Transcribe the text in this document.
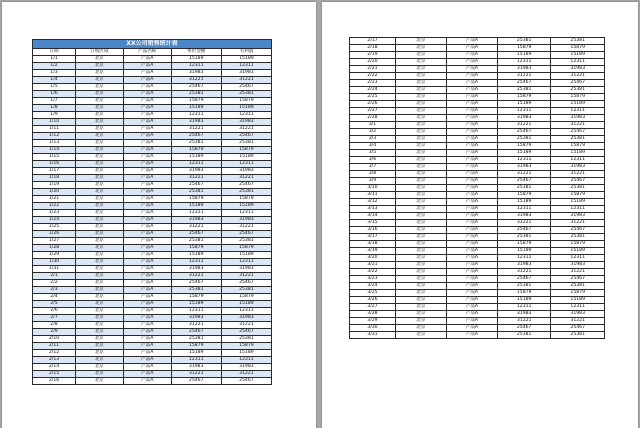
XX公司销售统计表				
日期	订购区域	产品名称	单价金额	毛利润
1/1	北京	产品A	15189	15189
1/2	北京	产品A	12311	12311
1/3	北京	产品A	31983	31983
1/4	北京	产品A	31221	31221
1/5	北京	产品A	25467	25467
1/6	北京	产品A	25381	25381
1/7	北京	产品A	15879	15879
1/8	北京	产品A	15189	15189
1/9	北京	产品A	12311	12311
1/10	北京	产品A	31983	31983
1/11	北京	产品A	31221	31221
1/12	北京	产品A	25467	25467
1/13	北京	产品A	25381	25381
1/14	北京	产品A	15879	15879
1/15	北京	产品A	15189	15189
1/16	北京	产品A	12311	12311
1/17	北京	产品A	31983	31983
1/18	北京	产品A	31221	31221
1/19	北京	产品A	25467	25467
1/20	北京	产品A	25381	25381
1/21	北京	产品A	15879	15879
1/22	北京	产品A	15189	15189
1/23	北京	产品A	12311	12311
1/24	北京	产品A	31983	31983
1/25	北京	产品A	31221	31221
1/26	北京	产品A	25467	25467
1/27	北京	产品A	25381	25381
1/28	北京	产品A	15879	15879
1/29	北京	产品A	15189	15189
1/30	北京	产品A	12311	12311
1/31	北京	产品A	31983	31983
2/1	北京	产品A	31221	31221
2/2	北京	产品A	25467	25467
2/3	北京	产品A	25381	25381
2/4	北京	产品A	15879	15879
2/5	北京	产品A	15189	15189
2/6	北京	产品A	12311	12311
2/7	北京	产品A	31983	31983
2/8	北京	产品A	31221	31221
2/9	北京	产品A	25467	25467
2/10	北京	产品A	25381	25381
2/11	北京	产品A	15879	15879
2/12	北京	产品A	15189	15189
2/13	北京	产品A	12311	12311
2/14	北京	产品A	31983	31983
2/15	北京	产品A	31221	31221
2/16	北京	产品A	25467	25467
2/17	北京	产品A	25381	25381
2/18	北京	产品A	15879	15879
2/19	北京	产品A	15189	15189
2/20	北京	产品A	12311	12311
2/21	北京	产品A	31983	31983
2/22	北京	产品A	31221	31221
2/23	北京	产品A	25467	25467
2/24	北京	产品A	25381	25381
2/25	北京	产品A	15879	15879
2/26	北京	产品A	15189	15189
2/27	北京	产品A	12311	12311
2/28	北京	产品A	31983	31983
3/1	北京	产品A	31221	31221
3/2	北京	产品A	25467	25467
3/3	北京	产品A	25381	25381
3/4	北京	产品A	15879	15879
3/5	北京	产品A	15189	15189
3/6	北京	产品A	12311	12311
3/7	北京	产品A	31983	31983
3/8	北京	产品A	31221	31221
3/9	北京	产品A	25467	25467
3/10	北京	产品A	25381	25381
3/11	北京	产品A	15879	15879
3/12	北京	产品A	15189	15189
3/13	北京	产品A	12311	12311
3/14	北京	产品A	31983	31983
3/15	北京	产品A	31221	31221
3/16	北京	产品A	25467	25467
3/17	北京	产品A	25381	25381
3/18	北京	产品A	15879	15879
3/19	北京	产品A	15189	15189
3/20	北京	产品A	12311	12311
3/21	北京	产品A	31983	31983
3/22	北京	产品A	31221	31221
3/23	北京	产品A	25467	25467
3/24	北京	产品A	25381	25381
3/25	北京	产品A	15879	15879
3/26	北京	产品A	15189	15189
3/27	北京	产品A	12311	12311
3/28	北京	产品A	31983	31983
3/29	北京	产品A	31221	31221
3/30	北京	产品A	25467	25467
3/31	北京	产品A	25381	25381
